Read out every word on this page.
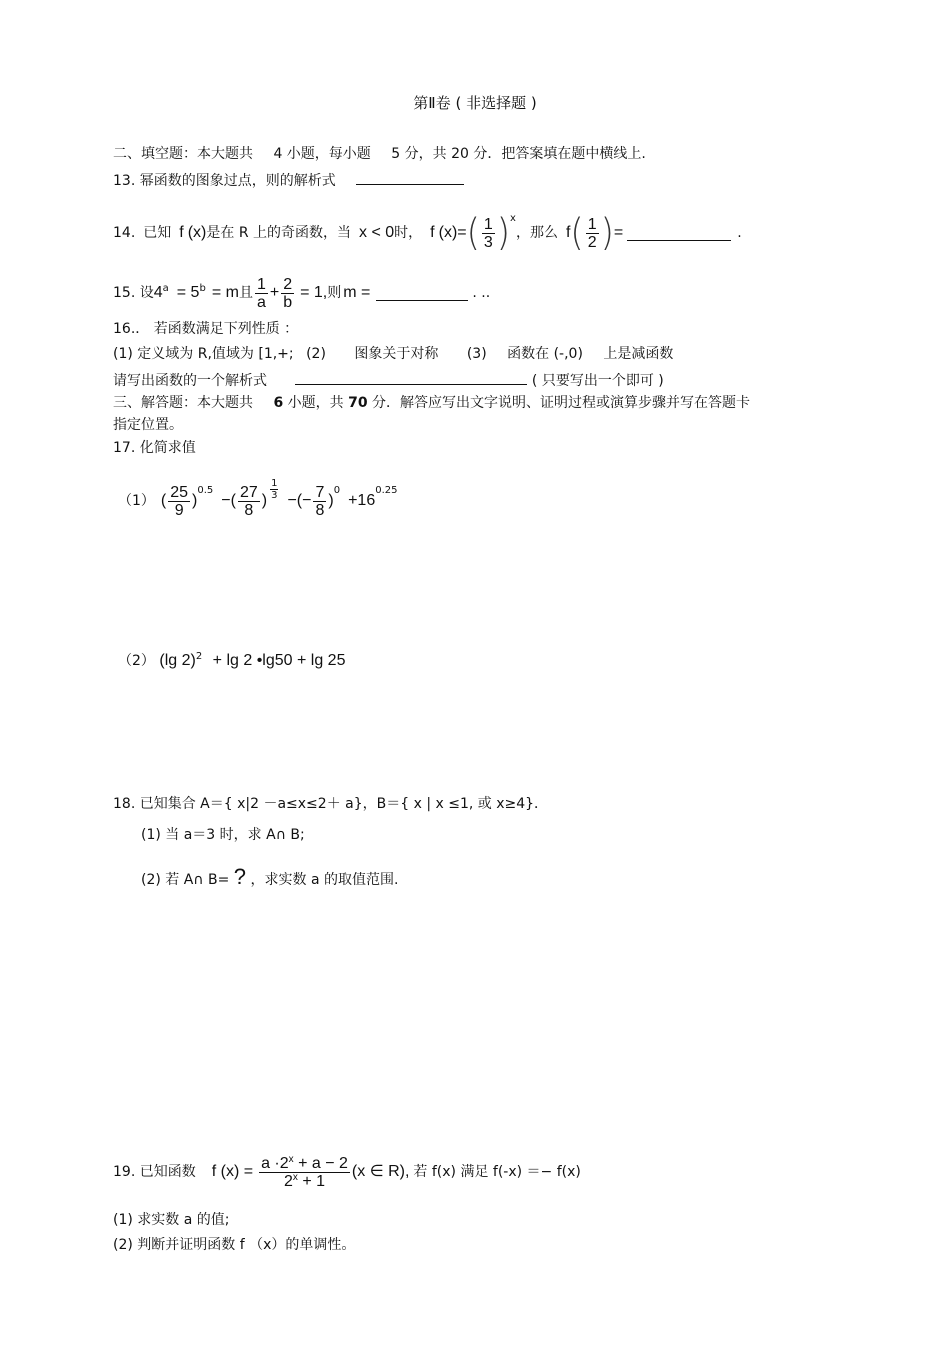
第Ⅱ卷 ( 非选择题 )
二、填空题：本大题共 4 小题，每小题 5 分，共 20 分．把答案填在题中横线上.
13. 幂函数的图象过点，则的解析式
14. 已知 f ( x ) 是在 R 上的奇函数，当 x < 0 时， f ( x ) = ( $\frac{1}{3}$ ) x
，那么 f ( $\frac{1}{2}$ ) =	.
15. 设 4 a = 5 b = m 且 $\frac{1}{a} + \frac{2}{b} = 1$, 则 m =	. ..
16.． 若函数满足下列性质 ：
(1) 定义域为 R,值域为 [1,+; (2) 图象关于对称 (3) 函数在 (-,0) 上是减函数
请写出函数的一个解析式	( 只要写出一个即可 )
三、解答题：本大题共 6 小题，共 70 分．解答应写出文字说明、证明过程或演算步骤并写在答题卡
指定位置。
17. 化简求值
（1） ( $\frac{25}{9}$ )
0.5
−( $\frac{27}{8}$ ) $\frac{1}{3}$ −(− $\frac{7}{8}$ )
0
+ 16
0.25
（2） (lg 2)$^2$ + lg 2 •lg50 + lg 25
18. 已知集合 A＝{ x|2 －a≤x≤2＋ a}，B＝{ x | x ≤1, 或 x≥4}．
(1) 当 a＝3 时，求 A∩ B;
(2) 若 A∩ B= ? ，求实数 a 的取值范围.
19. 已知函数 f $(x) = \frac{a \cdot 2^x + a - 2}{2^x + 1} (x$ ∈ R), 若 f(x) 满足 f(-x) ＝− f(x)
(1) 求实数 a 的值;
(2) 判断并证明函数 f （x）的单调性。
